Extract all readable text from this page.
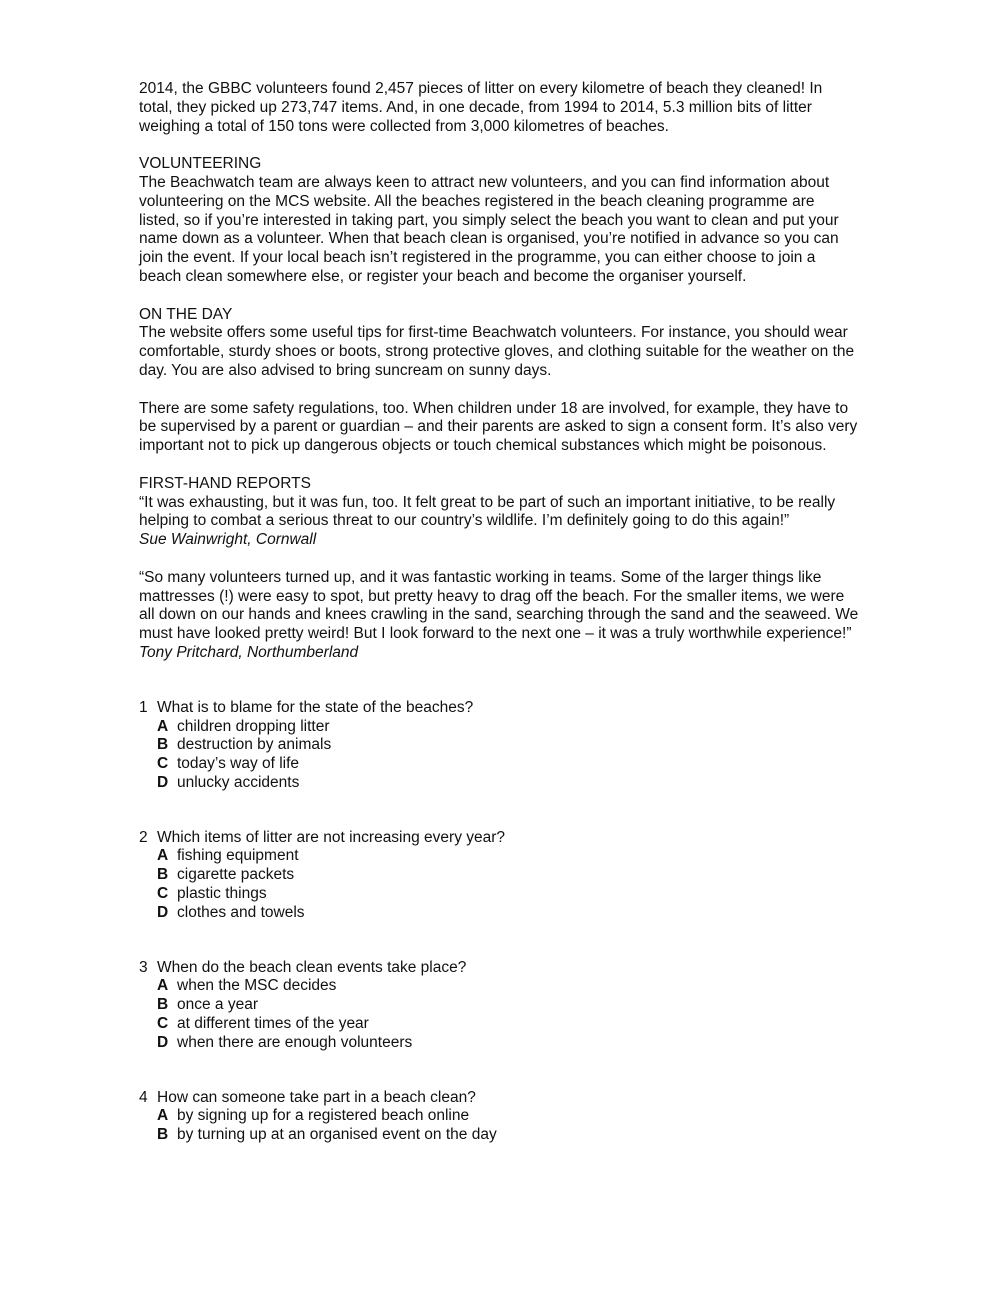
2014, the GBBC volunteers found 2,457 pieces of litter on every kilometre of beach they cleaned! In total, they picked up 273,747 items. And, in one decade, from 1994 to 2014, 5.3 million bits of litter weighing a total of 150 tons were collected from 3,000 kilometres of beaches.

VOLUNTEERING

The Beachwatch team are always keen to attract new volunteers, and you can find information about volunteering on the MCS website. All the beaches registered in the beach cleaning programme are listed, so if you’re interested in taking part, you simply select the beach you want to clean and put your name down as a volunteer. When that beach clean is organised, you’re notified in advance so you can join the event. If your local beach isn’t registered in the programme, you can either choose to join a beach clean somewhere else, or register your beach and become the organiser yourself.

ON THE DAY

The website offers some useful tips for first-time Beachwatch volunteers. For instance, you should wear comfortable, sturdy shoes or boots, strong protective gloves, and clothing suitable for the weather on the day. You are also advised to bring suncream on sunny days.

There are some safety regulations, too. When children under 18 are involved, for example, they have to be supervised by a parent or guardian – and their parents are asked to sign a consent form. It’s also very important not to pick up dangerous objects or touch chemical substances which might be poisonous.

FIRST-HAND REPORTS

“It was exhausting, but it was fun, too. It felt great to be part of such an important initiative, to be really helping to combat a serious threat to our country’s wildlife. I’m definitely going to do this again!”

Sue Wainwright, Cornwall

“So many volunteers turned up, and it was fantastic working in teams. Some of the larger things like mattresses (!) were easy to spot, but pretty heavy to drag off the beach. For the smaller items, we were all down on our hands and knees crawling in the sand, searching through the sand and the seaweed. We must have looked pretty weird! But I look forward to the next one – it was a truly worthwhile experience!”

Tony Pritchard, Northumberland

1 What is to blame for the state of the beaches?
A children dropping litter
B destruction by animals
C today’s way of life
D unlucky accidents
2 Which items of litter are not increasing every year?
A fishing equipment
B cigarette packets
C plastic things
D clothes and towels
3 When do the beach clean events take place?
A when the MSC decides
B once a year
C at different times of the year
D when there are enough volunteers
4 How can someone take part in a beach clean?
A by signing up for a registered beach online
B by turning up at an organised event on the day
